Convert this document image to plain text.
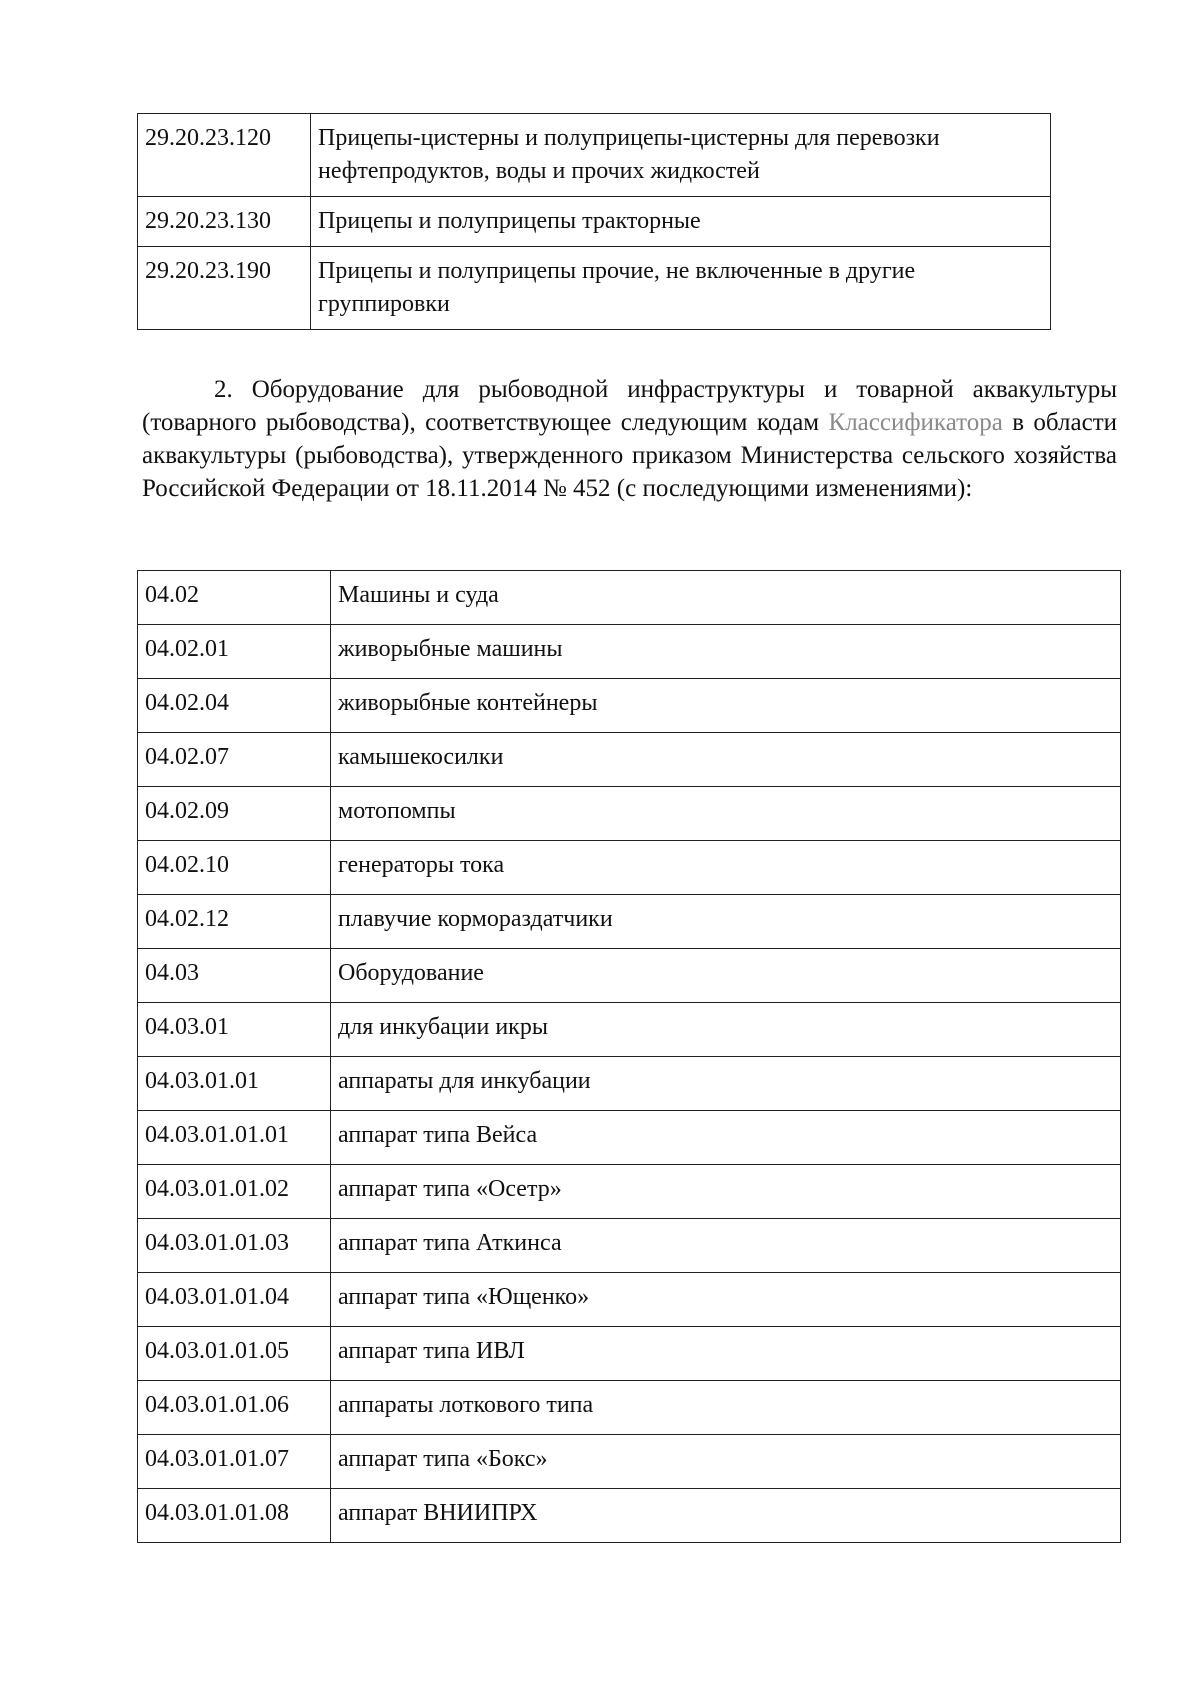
29.20.23.120	Прицепы-цистерны и полуприцепы-цистерны для перевозки нефтепродуктов, воды и прочих жидкостей
29.20.23.130	Прицепы и полуприцепы тракторные
29.20.23.190	Прицепы и полуприцепы прочие, не включенные в другие группировки

2. Оборудование для рыбоводной инфраструктуры и товарной аквакультуры (товарного рыбоводства), соответствующее следующим кодам Классификатора в области аквакультуры (рыбоводства), утвержденного приказом Министерства сельского хозяйства Российской Федерации от 18.11.2014 № 452 (с последующими изменениями):

04.02	Машины и суда
04.02.01	живорыбные машины
04.02.04	живорыбные контейнеры
04.02.07	камышекосилки
04.02.09	мотопомпы
04.02.10	генераторы тока
04.02.12	плавучие кормораздатчики
04.03	Оборудование
04.03.01	для инкубации икры
04.03.01.01	аппараты для инкубации
04.03.01.01.01	аппарат типа Вейса
04.03.01.01.02	аппарат типа «Осетр»
04.03.01.01.03	аппарат типа Аткинса
04.03.01.01.04	аппарат типа «Ющенко»
04.03.01.01.05	аппарат типа ИВЛ
04.03.01.01.06	аппараты лоткового типа
04.03.01.01.07	аппарат типа «Бокс»
04.03.01.01.08	аппарат ВНИИПРХ
